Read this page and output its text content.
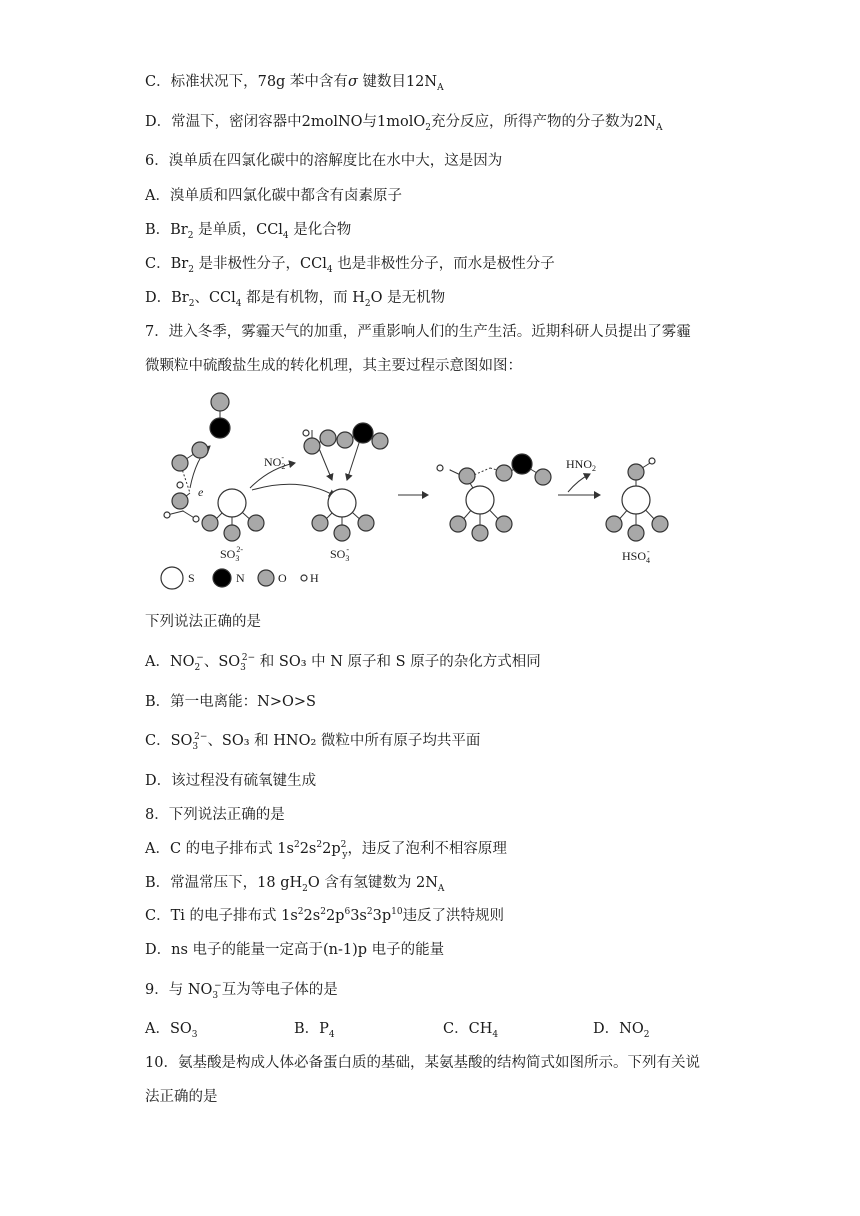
C．标准状况下，78g 苯中含有σ 键数目$12N_A$
D．常温下，密闭容器中2molNO与1molO$_2$充分反应，所得产物的分子数为$2N_A$
6．溴单质在四氯化碳中的溶解度比在水中大，这是因为
A．溴单质和四氯化碳中都含有卤素原子
B．$Br_2$ 是单质，CCl$_4$ 是化合物
C．$Br_2$ 是非极性分子，CCl$_4$ 也是非极性分子，而水是极性分子
D．$Br_2$、CCl$_4$ 都是有机物，而 $H_2O$ 是无机物
7．进入冬季，雾霾天气的加重，严重影响人们的生产生活。近期科研人员提出了雾霾
微颗粒中硫酸盐生成的转化机理，其主要过程示意图如图：
e
$NO_2-$	$HNO_2$
$SO_32-$	$SO_3-$	$HSO_4-$
S	N	O H
下列说法正确的是
A．$NO_2^-$、$SO_3^{2-}$ 和 SO₃ 中 N 原子和 S 原子的杂化方式相同
B．第一电离能：N>O>S
C．$SO_3^{2-}$、SO₃ 和 HNO₂ 微粒中所有原子均共平面
D．该过程没有硫氧键生成
8．下列说法正确的是
A．C 的电子排布式 $1s^22s^22p^2_y$，违反了泡利不相容原理
B．常温常压下，18 $gH_2O$ 含有氢键数为 $2N_A$
C．Ti 的电子排布式 $1s^22s^22p^63s^23p^{10}$违反了洪特规则
D．ns 电子的能量一定高于(n-1)p 电子的能量
9．与 $NO_3^-$互为等电子体的是
A．$SO_3$	B．$P_4$	C．$CH_4$	D．$NO_2$
10．氨基酸是构成人体必备蛋白质的基础，某氨基酸的结构简式如图所示。下列有关说
法正确的是
